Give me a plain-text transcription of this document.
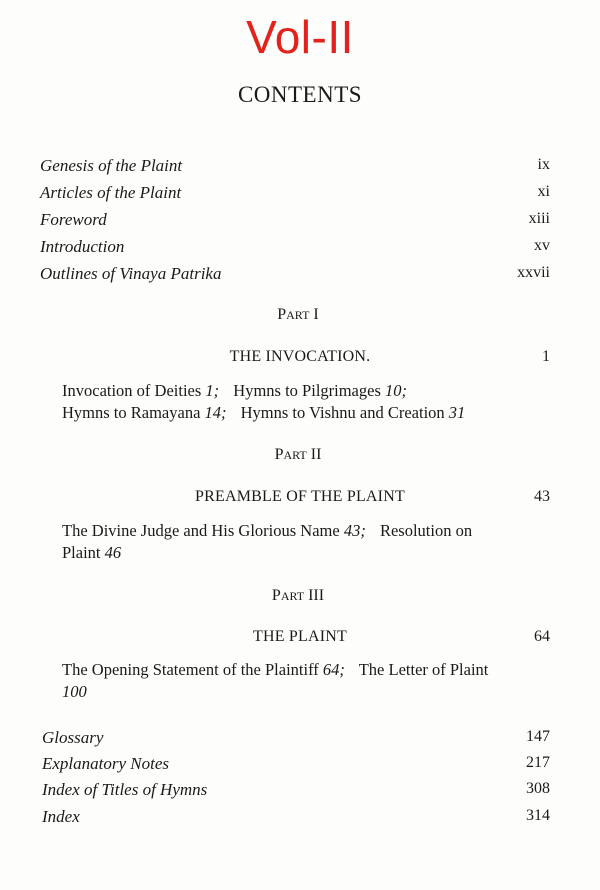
Vol-II
CONTENTS
Genesis of the Plaint	ix
Articles of the Plaint	xi
Foreword	xiii
Introduction	xv
Outlines of Vinaya Patrika	xxvii
PART I
THE INVOCATION.	1
Invocation of Deities 1; Hymns to Pilgrimages 10;
Hymns to Ramayana 14; Hymns to Vishnu and Creation 31
PART II
PREAMBLE OF THE PLAINT	43
The Divine Judge and His Glorious Name 43; Resolution on Plaint 46
PART III
THE PLAINT	64
The Opening Statement of the Plaintiff 64; The Letter of Plaint 100
Glossary	147
Explanatory Notes	217
Index of Titles of Hymns	308
Index	314
